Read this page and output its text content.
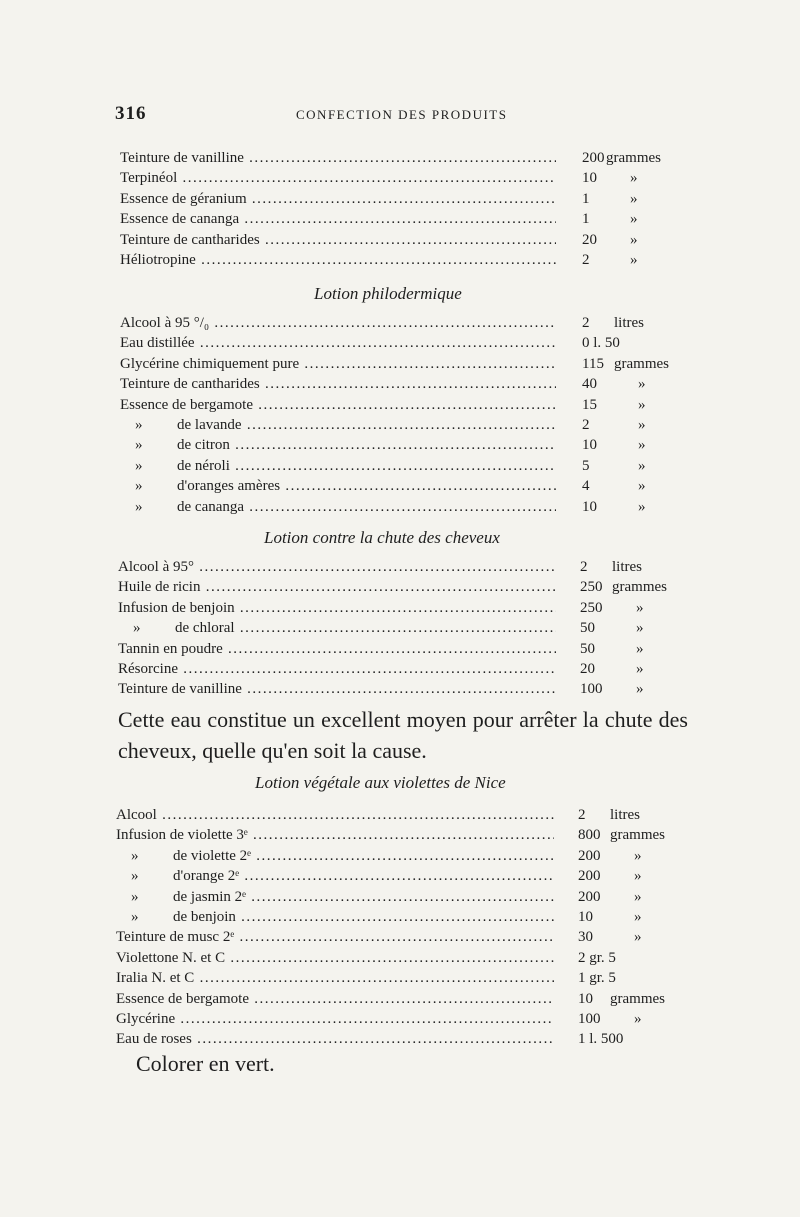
316	CONFECTION DES PRODUITS
Teinture de vanilline .....	200 grammes
Terpinéol .....	10 »
Essence de géranium .....	1	»
Essence de cananga .....	1	»
Teinture de cantharides .....	20 »
Héliotropine .....	2	»
Lotion philodermique
Alcool à 95 °/₀ .....	2 litres
Eau distillée .....	0 l. 50
Glycérine chimiquement pure .....	115 grammes
Teinture de cantharides .....	40	»
Essence de bergamote .....	15	»
» de lavande .....	2	»
» de citron .....	10	»
» de néroli .....	5	»
» d'oranges amères .....	4	»
» de cananga .....	10	»
Lotion contre la chute des cheveux
Alcool à 95° .....	2 litres
Huile de ricin .....	250 grammes
Infusion de benjoin .....	250 »
» de chloral .....	50	»
Tannin en poudre .....	50	»
Résorcine .....	20	»
Teinture de vanilline .....	100 »
Cette eau constitue un excellent moyen pour arrêter la chute des cheveux, quelle qu'en soit la cause.
Lotion végétale aux violettes de Nice
Alcool .....	2 litres
Infusion de violette 3ᵉ .....	800 grammes
» de violette 2ᵉ .....	200 »
» d'orange 2ᵉ .....	200 »
» de jasmin 2ᵉ .....	200 »
» de benjoin .....	10	»
Teinture de musc 2ᵉ .....	30	»
Violettone N. et C .....	2 gr. 5
Iralia N. et C .....	1 gr. 5
Essence de bergamote .....	10 grammes
Glycérine .....	100 »
Eau de roses .....	1 l. 500
Colorer en vert.
